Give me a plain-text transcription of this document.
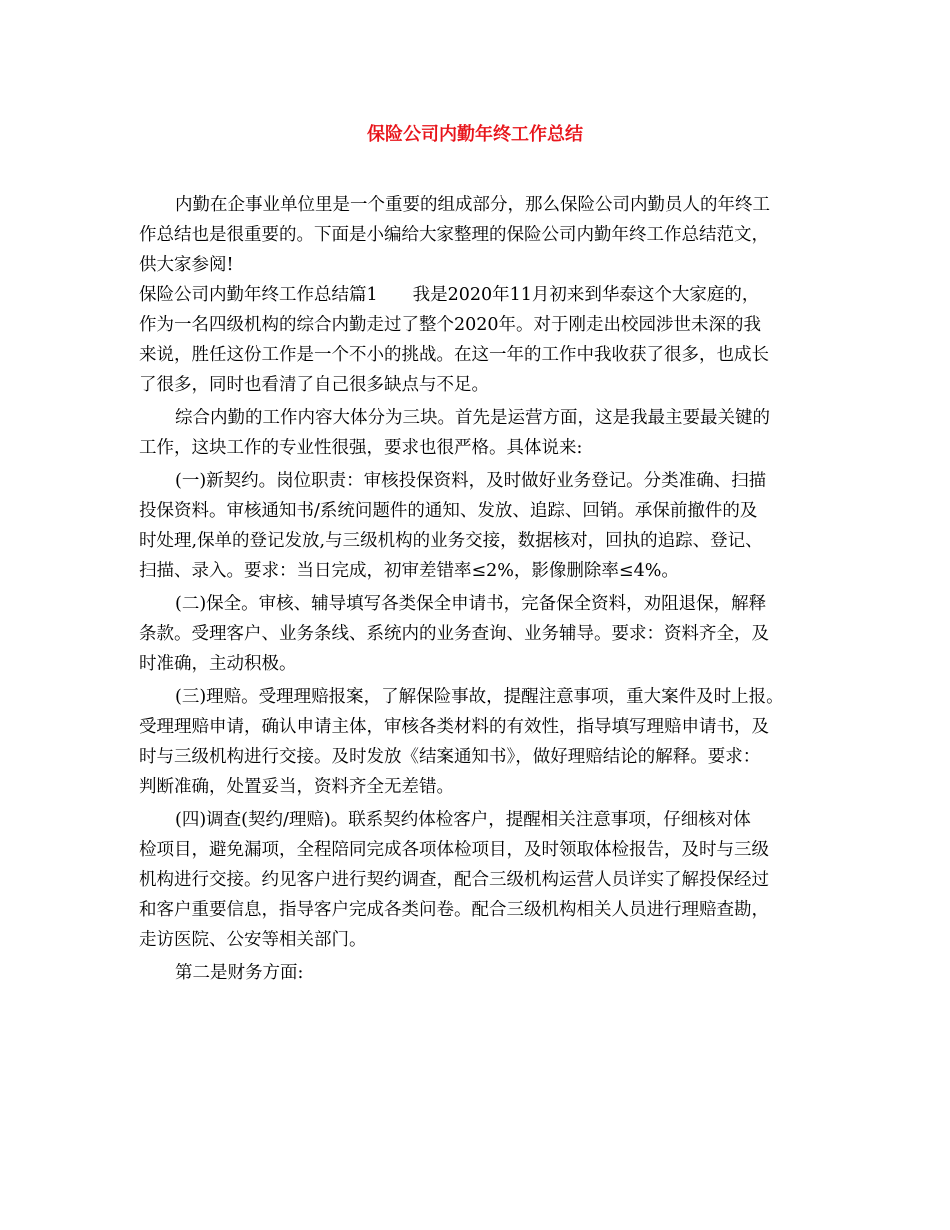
保险公司内勤年终工作总结
内勤在企事业单位里是一个重要的组成部分，那么保险公司内勤员人的年终工
作总结也是很重要的。下面是小编给大家整理的保险公司内勤年终工作总结范文，
供大家参阅!
保险公司内勤年终工作总结篇1　　我是2020年11月初来到华泰这个大家庭的，
作为一名四级机构的综合内勤走过了整个2020年。对于刚走出校园涉世未深的我
来说，胜任这份工作是一个不小的挑战。在这一年的工作中我收获了很多，也成长
了很多，同时也看清了自己很多缺点与不足。
综合内勤的工作内容大体分为三块。首先是运营方面，这是我最主要最关键的
工作，这块工作的专业性很强，要求也很严格。具体说来:
(一)新契约。岗位职责：审核投保资料，及时做好业务登记。分类准确、扫描
投保资料。审核通知书/系统问题件的通知、发放、追踪、回销。承保前撤件的及
时处理,保单的登记发放,与三级机构的业务交接，数据核对，回执的追踪、登记、
扫描、录入。要求：当日完成，初审差错率≤2%，影像删除率≤4%。
(二)保全。审核、辅导填写各类保全申请书，完备保全资料，劝阻退保，解释
条款。受理客户、业务条线、系统内的业务查询、业务辅导。要求：资料齐全，及
时准确，主动积极。
(三)理赔。受理理赔报案，了解保险事故，提醒注意事项，重大案件及时上报。
受理理赔申请，确认申请主体，审核各类材料的有效性，指导填写理赔申请书，及
时与三级机构进行交接。及时发放《结案通知书》，做好理赔结论的解释。要求：
判断准确，处置妥当，资料齐全无差错。
(四)调查(契约/理赔)。联系契约体检客户，提醒相关注意事项，仔细核对体
检项目，避免漏项，全程陪同完成各项体检项目，及时领取体检报告，及时与三级
机构进行交接。约见客户进行契约调查，配合三级机构运营人员详实了解投保经过
和客户重要信息，指导客户完成各类问卷。配合三级机构相关人员进行理赔查勘，
走访医院、公安等相关部门。
第二是财务方面:
